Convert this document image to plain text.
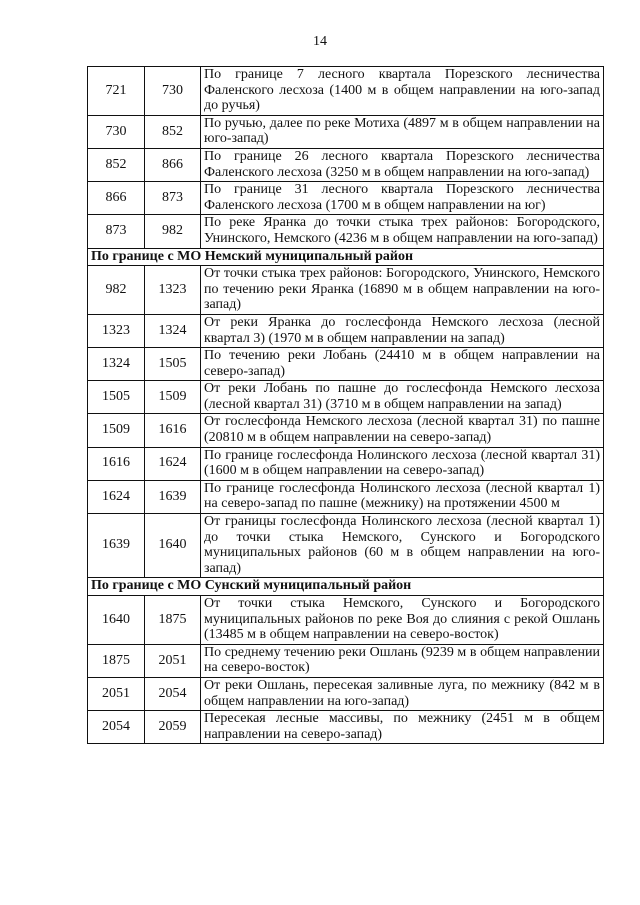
14
721	730	По границе 7 лесного квартала Порезского лесничества Фаленского лесхоза (1400 м в общем направлении на юго-запад до ручья)
730	852	По ручью, далее по реке Мотиха (4897 м в общем направлении на юго-запад)
852	866	По границе 26 лесного квартала Порезского лесничества Фаленского лесхоза (3250 м в общем направлении на юго-запад)
866	873	По границе 31 лесного квартала Порезского лесничества Фаленского лесхоза (1700 м в общем направлении на юг)
873	982	По реке Яранка до точки стыка трех районов: Богородского, Унинского, Немского (4236 м в общем направлении на юго-запад)
По границе с МО Немский муниципальный район		
982	1323	От точки стыка трех районов: Богородского, Унинского, Немского по течению реки Яранка (16890 м в общем направлении на юго-запад)
1323	1324	От реки Яранка до гослесфонда Немского лесхоза (лесной квартал 3) (1970 м в общем направлении на запад)
1324	1505	По течению реки Лобань (24410 м в общем направлении на северо-запад)
1505	1509	От реки Лобань по пашне до гослесфонда Немского лесхоза (лесной квартал 31) (3710 м в общем направлении на запад)
1509	1616	От гослесфонда Немского лесхоза (лесной квартал 31) по пашне (20810 м в общем направлении на северо-запад)
1616	1624	По границе гослесфонда Нолинского лесхоза (лесной квартал 31) (1600 м в общем направлении на северо-запад)
1624	1639	По границе гослесфонда Нолинского лесхоза (лесной квартал 1) на северо-запад по пашне (межнику) на протяжении 4500 м
1639	1640	От границы гослесфонда Нолинского лесхоза (лесной квартал 1) до точки стыка Немского, Сунского и Богородского муниципальных районов (60 м в общем направлении на юго-запад)
По границе с МО Сунский муниципальный район		
1640	1875	От точки стыка Немского, Сунского и Богородского муниципальных районов по реке Воя до слияния с рекой Ошлань (13485 м в общем направлении на северо-восток)
1875	2051	По среднему течению реки Ошлань (9239 м в общем направлении на северо-восток)
2051	2054	От реки Ошлань, пересекая заливные луга, по межнику (842 м в общем направлении на юго-запад)
2054	2059	Пересекая лесные массивы, по межнику (2451 м в общем направлении на северо-запад)
